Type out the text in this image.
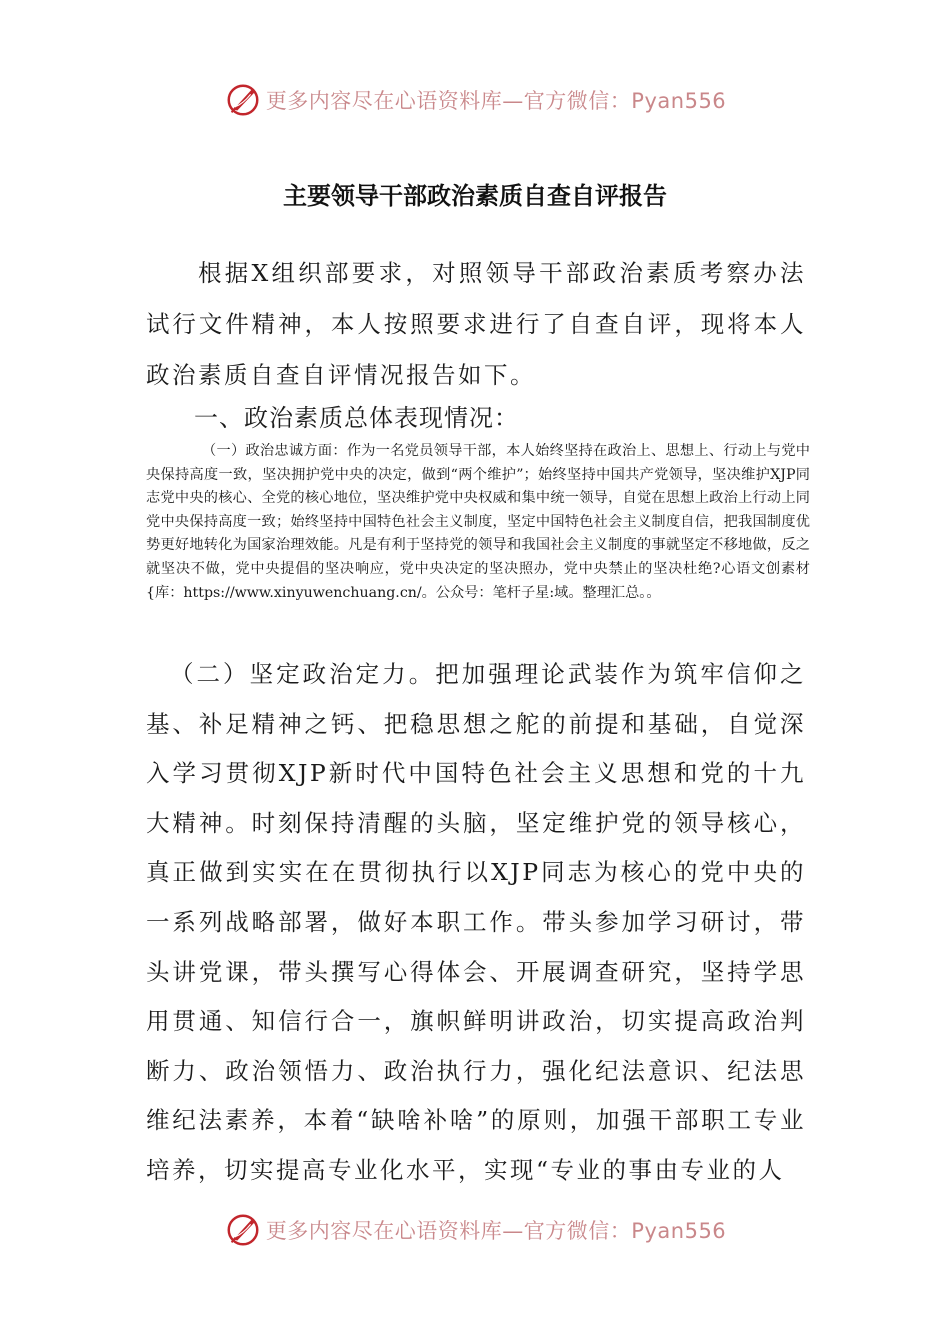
更多内容尽在心语资料库—官方微信：Pyan556
主要领导干部政治素质自查自评报告

根据X组织部要求，对照领导干部政治素质考察办法试行文件精神，本人按照要求进行了自查自评，现将本人政治素质自查自评情况报告如下。

一、政治素质总体表现情况：

（一）政治忠诚方面：作为一名党员领导干部，本人始终坚持在政治上、思想上、行动上与党中央保持高度一致，坚决拥护党中央的决定，做到“两个维护”；始终坚持中国共产党领导，坚决维护XJP同志党中央的核心、全党的核心地位，坚决维护党中央权威和集中统一领导，自觉在思想上政治上行动上同党中央保持高度一致；始终坚持中国特色社会主义制度，坚定中国特色社会主义制度自信，把我国制度优势更好地转化为国家治理效能。凡是有利于坚持党的领导和我国社会主义制度的事就坚定不移地做，反之就坚决不做，党中央提倡的坚决响应，党中央决定的坚决照办，党中央禁止的坚决杜绝?心语文创素材{库：https://www.xinyuwenchuang.cn/。公众号：笔杆子星:域。整理汇总。。

（二）坚定政治定力。把加强理论武装作为筑牢信仰之基、补足精神之钙、把稳思想之舵的前提和基础，自觉深入学习贯彻XJP新时代中国特色社会主义思想和党的十九大精神。时刻保持清醒的头脑，坚定维护党的领导核心，真正做到实实在在贯彻执行以XJP同志为核心的党中央的一系列战略部署，做好本职工作。带头参加学习研讨，带头讲党课，带头撰写心得体会、开展调查研究，坚持学思用贯通、知信行合一，旗帜鲜明讲政治，切实提高政治判断力、政治领悟力、政治执行力，强化纪法意识、纪法思维纪法素养，本着“缺啥补啥”的原则，加强干部职工专业培养，切实提高专业化水平，实现“专业的事由专业的人

更多内容尽在心语资料库—官方微信：Pyan556
